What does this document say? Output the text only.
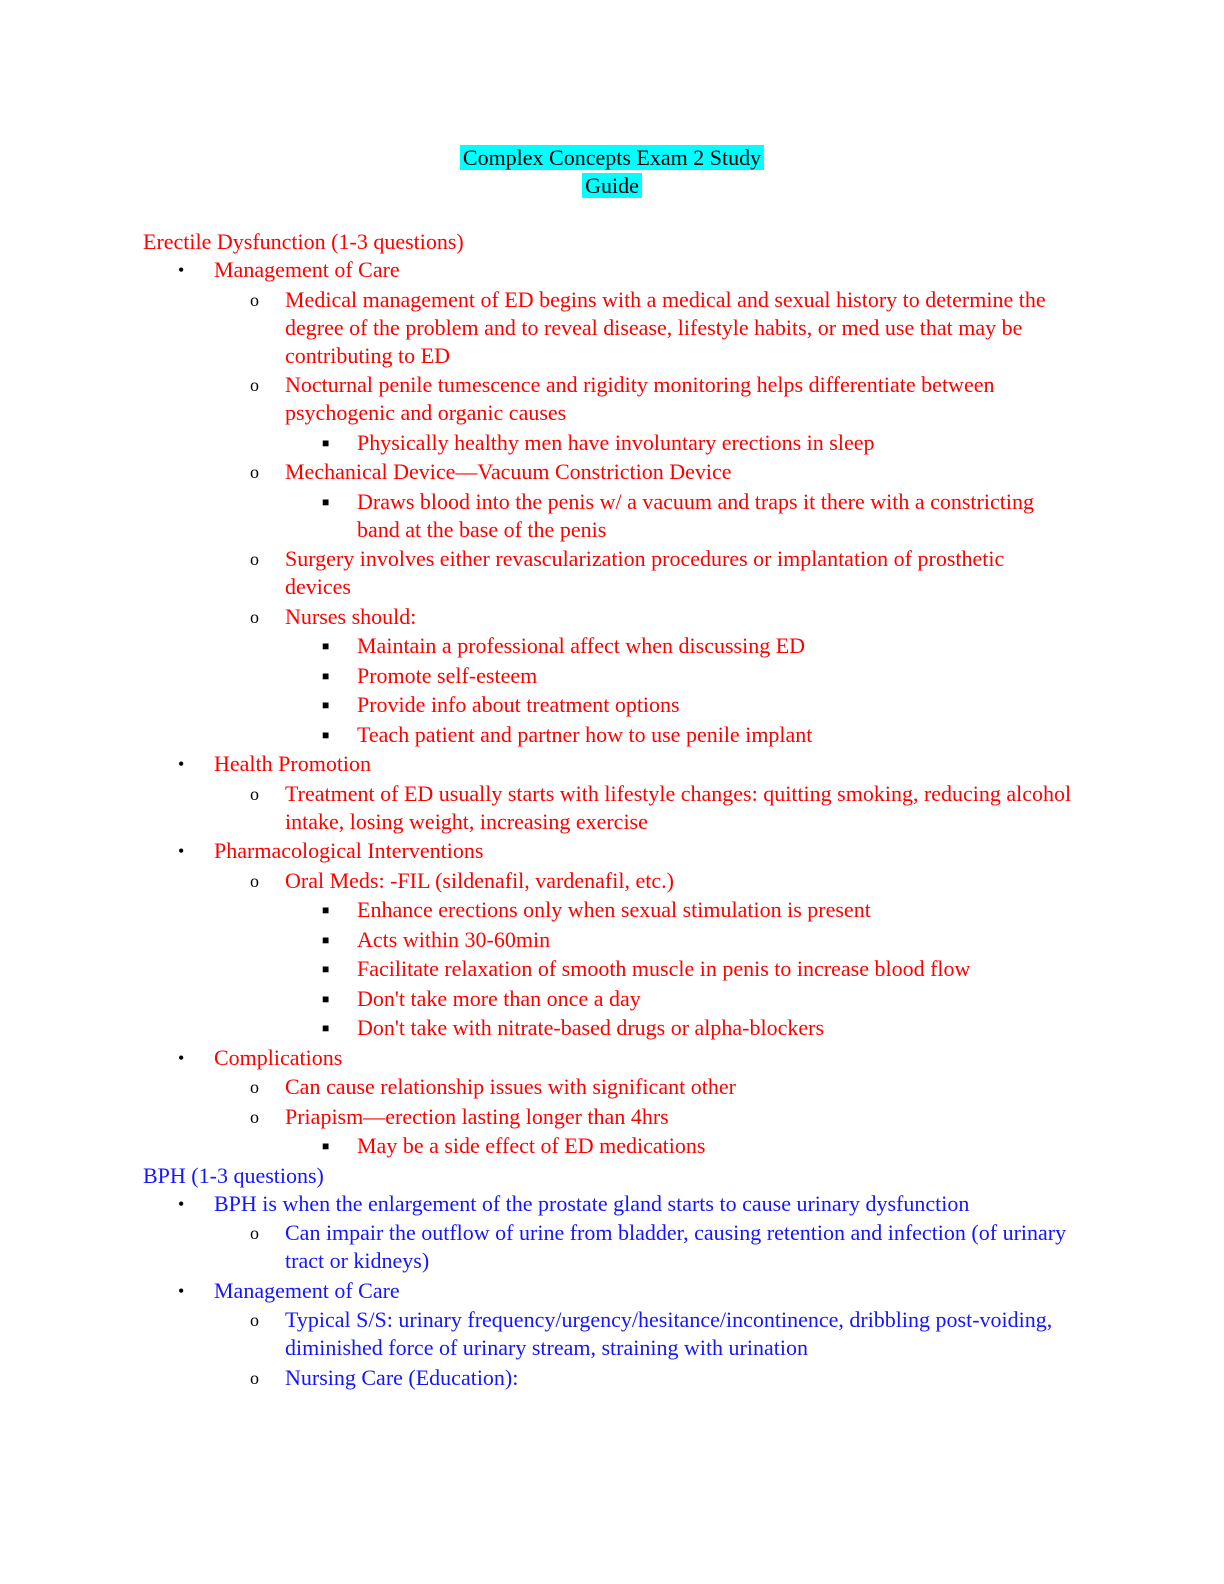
Complex Concepts Exam 2 Study
Guide
Erectile Dysfunction (1-3 questions)
• Management of Care
o Medical management of ED begins with a medical and sexual history to determine the degree of the problem and to reveal disease, lifestyle habits, or med use that may be contributing to ED
o Nocturnal penile tumescence and rigidity monitoring helps differentiate between psychogenic and organic causes
■ Physically healthy men have involuntary erections in sleep
o Mechanical Device—Vacuum Constriction Device
■ Draws blood into the penis w/ a vacuum and traps it there with a constricting band at the base of the penis
o Surgery involves either revascularization procedures or implantation of prosthetic devices
o Nurses should:
■ Maintain a professional affect when discussing ED
■ Promote self-esteem
■ Provide info about treatment options
■ Teach patient and partner how to use penile implant
• Health Promotion
o Treatment of ED usually starts with lifestyle changes: quitting smoking, reducing alcohol intake, losing weight, increasing exercise
• Pharmacological Interventions
o Oral Meds: -FIL (sildenafil, vardenafil, etc.)
■ Enhance erections only when sexual stimulation is present
■ Acts within 30-60min
■ Facilitate relaxation of smooth muscle in penis to increase blood flow
■ Don't take more than once a day
■ Don't take with nitrate-based drugs or alpha-blockers
• Complications
o Can cause relationship issues with significant other
o Priapism—erection lasting longer than 4hrs
■ May be a side effect of ED medications
BPH (1-3 questions)
• BPH is when the enlargement of the prostate gland starts to cause urinary dysfunction
o Can impair the outflow of urine from bladder, causing retention and infection (of urinary tract or kidneys)
• Management of Care
o Typical S/S: urinary frequency/urgency/hesitance/incontinence, dribbling post-voiding, diminished force of urinary stream, straining with urination
o Nursing Care (Education):
